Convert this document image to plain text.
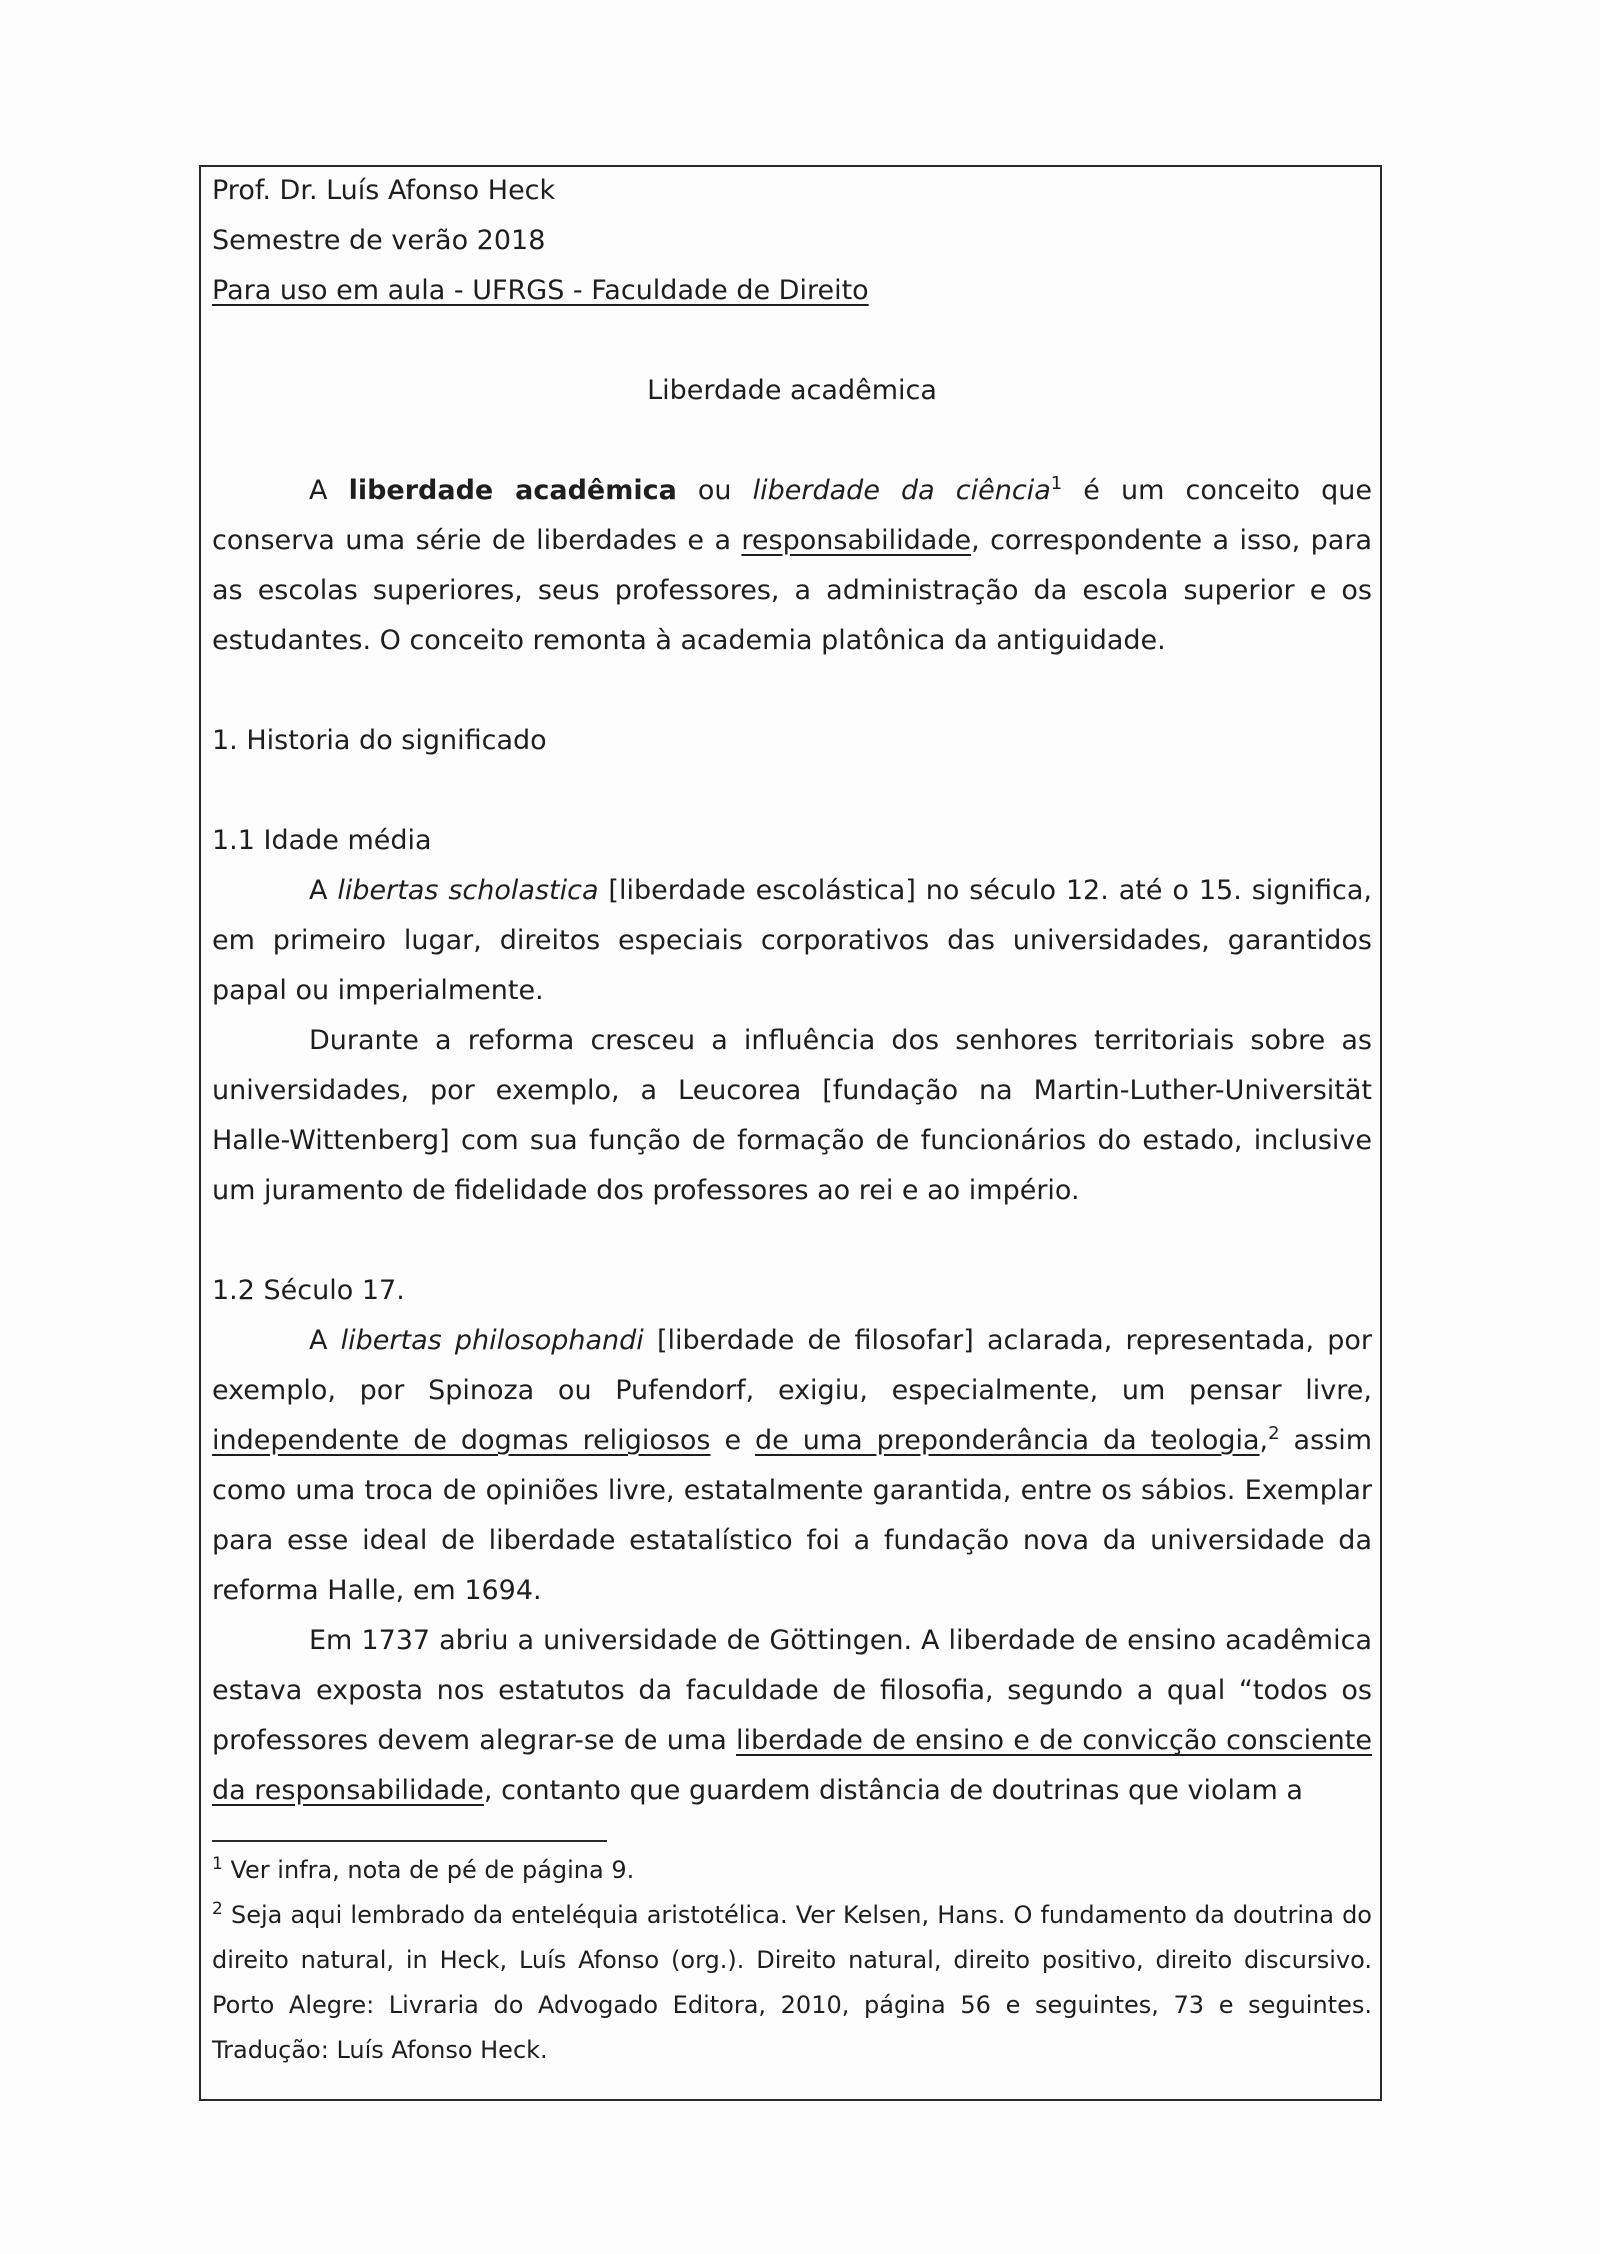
Prof. Dr. Luís Afonso Heck

Semestre de verão 2018

Para uso em aula - UFRGS - Faculdade de Direito

Liberdade acadêmica

A liberdade acadêmica ou liberdade da ciência$^1$ é um conceito que conserva uma série de liberdades e a responsabilidade, correspondente a isso, para as escolas superiores, seus professores, a administração da escola superior e os estudantes. O conceito remonta à academia platônica da antiguidade.

1. Historia do significado

1.1 Idade média

A libertas scholastica [liberdade escolástica] no século 12. até o 15. significa, em primeiro lugar, direitos especiais corporativos das universidades, garantidos papal ou imperialmente.

Durante a reforma cresceu a influência dos senhores territoriais sobre as universidades, por exemplo, a Leucorea [fundação na Martin-Luther-Universität Halle-Wittenberg] com sua função de formação de funcionários do estado, inclusive um juramento de fidelidade dos professores ao rei e ao império.

1.2 Século 17.

A libertas philosophandi [liberdade de filosofar] aclarada, representada, por exemplo, por Spinoza ou Pufendorf, exigiu, especialmente, um pensar livre, independente de dogmas religiosos e de uma preponderância da teologia,$^2$ assim como uma troca de opiniões livre, estatalmente garantida, entre os sábios. Exemplar para esse ideal de liberdade estatalístico foi a fundação nova da universidade da reforma Halle, em 1694.

Em 1737 abriu a universidade de Göttingen. A liberdade de ensino acadêmica estava exposta nos estatutos da faculdade de filosofia, segundo a qual “todos os professores devem alegrar-se de uma liberdade de ensino e de convicção consciente da responsabilidade, contanto que guardem distância de doutrinas que violam a

$^1$ Ver infra, nota de pé de página 9.

$^2$ Seja aqui lembrado da enteléquia aristotélica. Ver Kelsen, Hans. O fundamento da doutrina do direito natural, in Heck, Luís Afonso (org.). Direito natural, direito positivo, direito discursivo. Porto Alegre: Livraria do Advogado Editora, 2010, página 56 e seguintes, 73 e seguintes. Tradução: Luís Afonso Heck.
